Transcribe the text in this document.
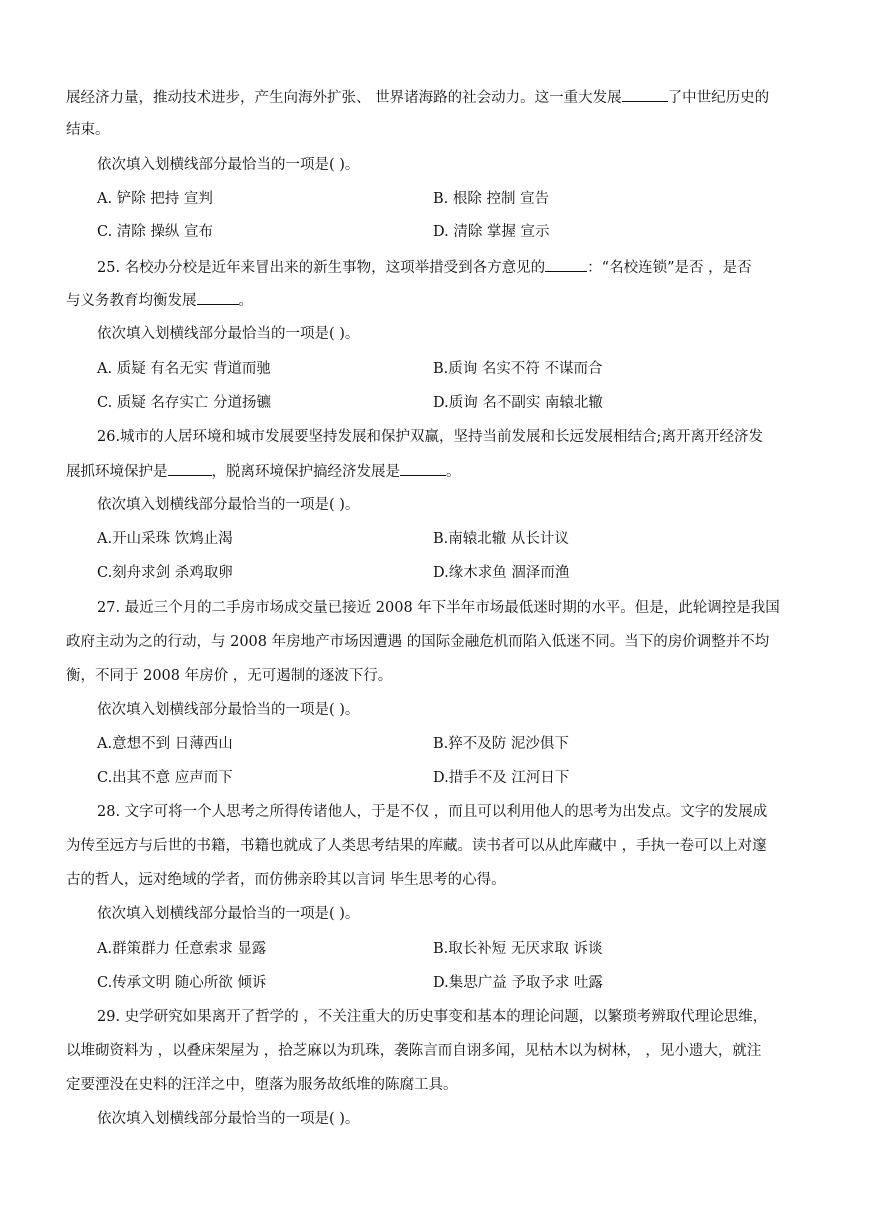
展经济力量，推动技术进步，产生向海外扩张、 世界诸海路的社会动力。这一重大发展	了中世纪历史的
结束。
依次填入划横线部分最恰当的一项是( )。
A. 铲除 把持 宣判	B. 根除 控制 宣告
C. 清除 操纵 宣布	D. 清除 掌握 宣示
25. 名校办分校是近年来冒出来的新生事物，这项举措受到各方意见的	：“名校连锁”是否 ，是否
与义务教育均衡发展	。
依次填入划横线部分最恰当的一项是( )。
A. 质疑 有名无实 背道而驰	B.质询 名实不符 不谋而合
C. 质疑 名存实亡 分道扬镳	D.质询 名不副实 南辕北辙
26.城市的人居环境和城市发展要坚持发展和保护双赢，坚持当前发展和长远发展相结合;离开离开经济发
展抓环境保护是	，脱离环境保护搞经济发展是	。
依次填入划横线部分最恰当的一项是( )。
A.开山采珠 饮鸩止渴	B.南辕北辙 从长计议
C.刻舟求剑 杀鸡取卵	D.缘木求鱼 涸泽而渔
27. 最近三个月的二手房市场成交量已接近 2008 年下半年市场最低迷时期的水平。但是，此轮调控是我国
政府主动为之的行动，与 2008 年房地产市场因遭遇 的国际金融危机而陷入低迷不同。当下的房价调整并不均
衡，不同于 2008 年房价 ，无可遏制的逐波下行。
依次填入划横线部分最恰当的一项是( )。
A.意想不到 日薄西山	B.猝不及防 泥沙俱下
C.出其不意 应声而下	D.措手不及 江河日下
28. 文字可将一个人思考之所得传诸他人，于是不仅 ，而且可以利用他人的思考为出发点。文字的发展成
为传至远方与后世的书籍，书籍也就成了人类思考结果的库藏。读书者可以从此库藏中 ，手执一卷可以上对邃
古的哲人，远对绝域的学者，而仿佛亲聆其以言词 毕生思考的心得。
依次填入划横线部分最恰当的一项是( )。
A.群策群力 任意索求 显露	B.取长补短 无厌求取 诉谈
C.传承文明 随心所欲 倾诉	D.集思广益 予取予求 吐露
29. 史学研究如果离开了哲学的 ，不关注重大的历史事变和基本的理论问题，以繁琐考辨取代理论思维，
以堆砌资料为 ，以叠床架屋为 ，拾芝麻以为玑珠，袭陈言而自诩多闻，见枯木以为树林， ，见小遗大，就注
定要湮没在史料的汪洋之中，堕落为服务故纸堆的陈腐工具。
依次填入划横线部分最恰当的一项是( )。
